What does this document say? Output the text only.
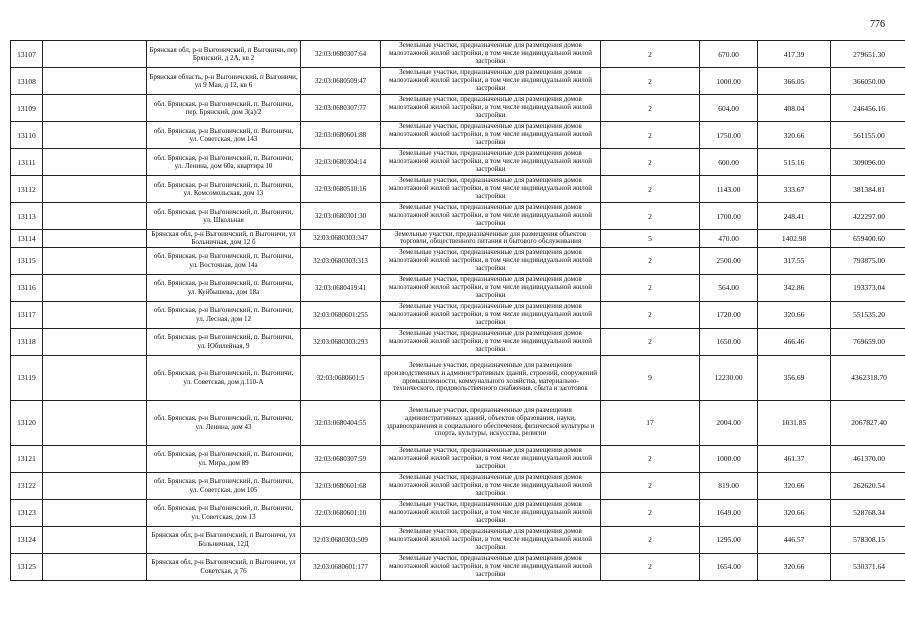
776
13107		Брянская обл, р-н Выгоничский, п Выгоничи, пер Брянский, д 2А, кв 2	32:03:0680307:64	Земельные участки, предназначенные для размещения домов малоэтажной жилой застройки, в том числе индивидуальной жилой застройки	2	670.00	417.39	279651.30
13108		Брянская область, р-н Выгоничский, п Выгоничи, ул 9 Мая, д 12, кв 6	32:03:0680509:47	Земельные участки, предназначенные для размещения домов малоэтажной жилой застройки, в том числе индивидуальной жилой застройки	2	1000.00	366.05	366050.00
13109		обл. Брянская, р-н Выгоничский, п. Выгоничи, пер. Брянский, дом 3(а)/2	32:03:0680307:77	Земельные участки, предназначенные для размещения домов малоэтажной жилой застройки, в том числе индивидуальной жилой застройки	2	604.00	408.04	246456.16
13110		обл. Брянская, р-н Выгоничский, п. Выгоничи, ул. Советская, дом 143	32:03:0680601:88	Земельные участки, предназначенные для размещения домов малоэтажной жилой застройки, в том числе индивидуальной жилой застройки	2	1750.00	320.66	561155.00
13111		обл. Брянская, р-н Выгоничский, п. Выгоничи, ул. Ленина, дом 60а, квартира 10	32:03:0680304:14	Земельные участки, предназначенные для размещения домов малоэтажной жилой застройки, в том числе индивидуальной жилой застройки	2	600.00	515.16	309096.00
13112		обл. Брянская, р-н Выгоничский, п. Выгоничи, ул. Комсомольская, дом 13	32:03:0680510:16	Земельные участки, предназначенные для размещения домов малоэтажной жилой застройки, в том числе индивидуальной жилой застройки	2	1143.00	333.67	381384.81
13113		обл. Брянская, р-н Выгоничский, п. Выгоничи, ул. Школьная	32:03:0680301:30	Земельные участки, предназначенные для размещения домов малоэтажной жилой застройки, в том числе индивидуальной жилой застройки	2	1700.00	248.41	422297.00
13114		Брянская обл, р-н Выгоничский, п Выгоничи, ул Больничная, дом 12 б	32:03:0680303:347	Земельные участки, предназначенные для размещения объектов торговли, общественного питания и бытового обслуживания	5	470.00	1402.98	659400.60
13115		обл. Брянская, р-н Выгоничский, п. Выгоничи, ул. Восточная, дом 14а	32:03:0680303:313	Земельные участки, предназначенные для размещения домов малоэтажной жилой застройки, в том числе индивидуальной жилой застройки	2	2500.00	317.55	793875.00
13116		обл. Брянская, р-н Выгоничский, п. Выгоничи, ул. Куйбышева, дом 18а	32:03:0680419:41	Земельные участки, предназначенные для размещения домов малоэтажной жилой застройки, в том числе индивидуальной жилой застройки	2	564.00	342.86	193373.04
13117		обл. Брянская, р-н Выгоничский, п. Выгоничи, ул. Лесная, дом 12	32:03:0680601:255	Земельные участки, предназначенные для размещения домов малоэтажной жилой застройки, в том числе индивидуальной жилой застройки	2	1720.00	320.66	551535.20
13118		обл. Брянская, р-н Выгоничский, п. Выгоничи, ул. Юбилейная, 9	32:03:0680303:293	Земельные участки, предназначенные для размещения домов малоэтажной жилой застройки, в том числе индивидуальной жилой застройки	2	1650.00	466.46	769659.00
13119		обл. Брянская, р-н Выгоничский, п. Выгоничи, ул. Советская, дом д.110-А	32:03:0680601:5	Земельные участки, предназначенные для размещения производственных и административных зданий, строений, сооружений промышленности, коммунального хозяйства, материально-технического, продовольственного снабжения, сбыта и заготовок	9	12230.00	356.69	4362318.70
13120		обл. Брянская, р-н Выгоничский, п. Выгоничи, ул. Ленина, дом 43	32:03:0680404:55	Земельные участки, предназначенные для размещения административных зданий, объектов образования, науки, здравоохранения и социального обеспечения, физической культуры и спорта, культуры, искусства, религии	17	2004.00	1031.85	2067827.40
13121		обл. Брянская, р-н Выгоничский, п. Выгоничи, ул. Мира, дом 89	32:03:0680307:59	Земельные участки, предназначенные для размещения домов малоэтажной жилой застройки, в том числе индивидуальной жилой застройки	2	1000.00	461.37	461370.00
13122		обл. Брянская, р-н Выгоничский, п. Выгоничи, ул. Советская, дом 105	32:03:0680601:68	Земельные участки, предназначенные для размещения домов малоэтажной жилой застройки, в том числе индивидуальной жилой застройки	2	819.00	320.66	262620.54
13123		обл. Брянская, р-н Выгоничский, п. Выгоничи, ул. Советская, дом 13	32:03:0680601:10	Земельные участки, предназначенные для размещения домов малоэтажной жилой застройки, в том числе индивидуальной жилой застройки	2	1649.00	320.66	528768.34
13124		Брянская обл, р-н Выгоничский, п Выгоничи, ул Больничная, 12Д	32:03:0680303:509	Земельные участки, предназначенные для размещения домов малоэтажной жилой застройки, в том числе индивидуальной жилой застройки	2	1295.00	446.57	578308.15
13125		Брянская обл, р-н Выгоничский, п Выгоничи, ул Советская, д 76	32:03:0680601:177	Земельные участки, предназначенные для размещения домов малоэтажной жилой застройки, в том числе индивидуальной жилой застройки	2	1654.00	320.66	530371.64
